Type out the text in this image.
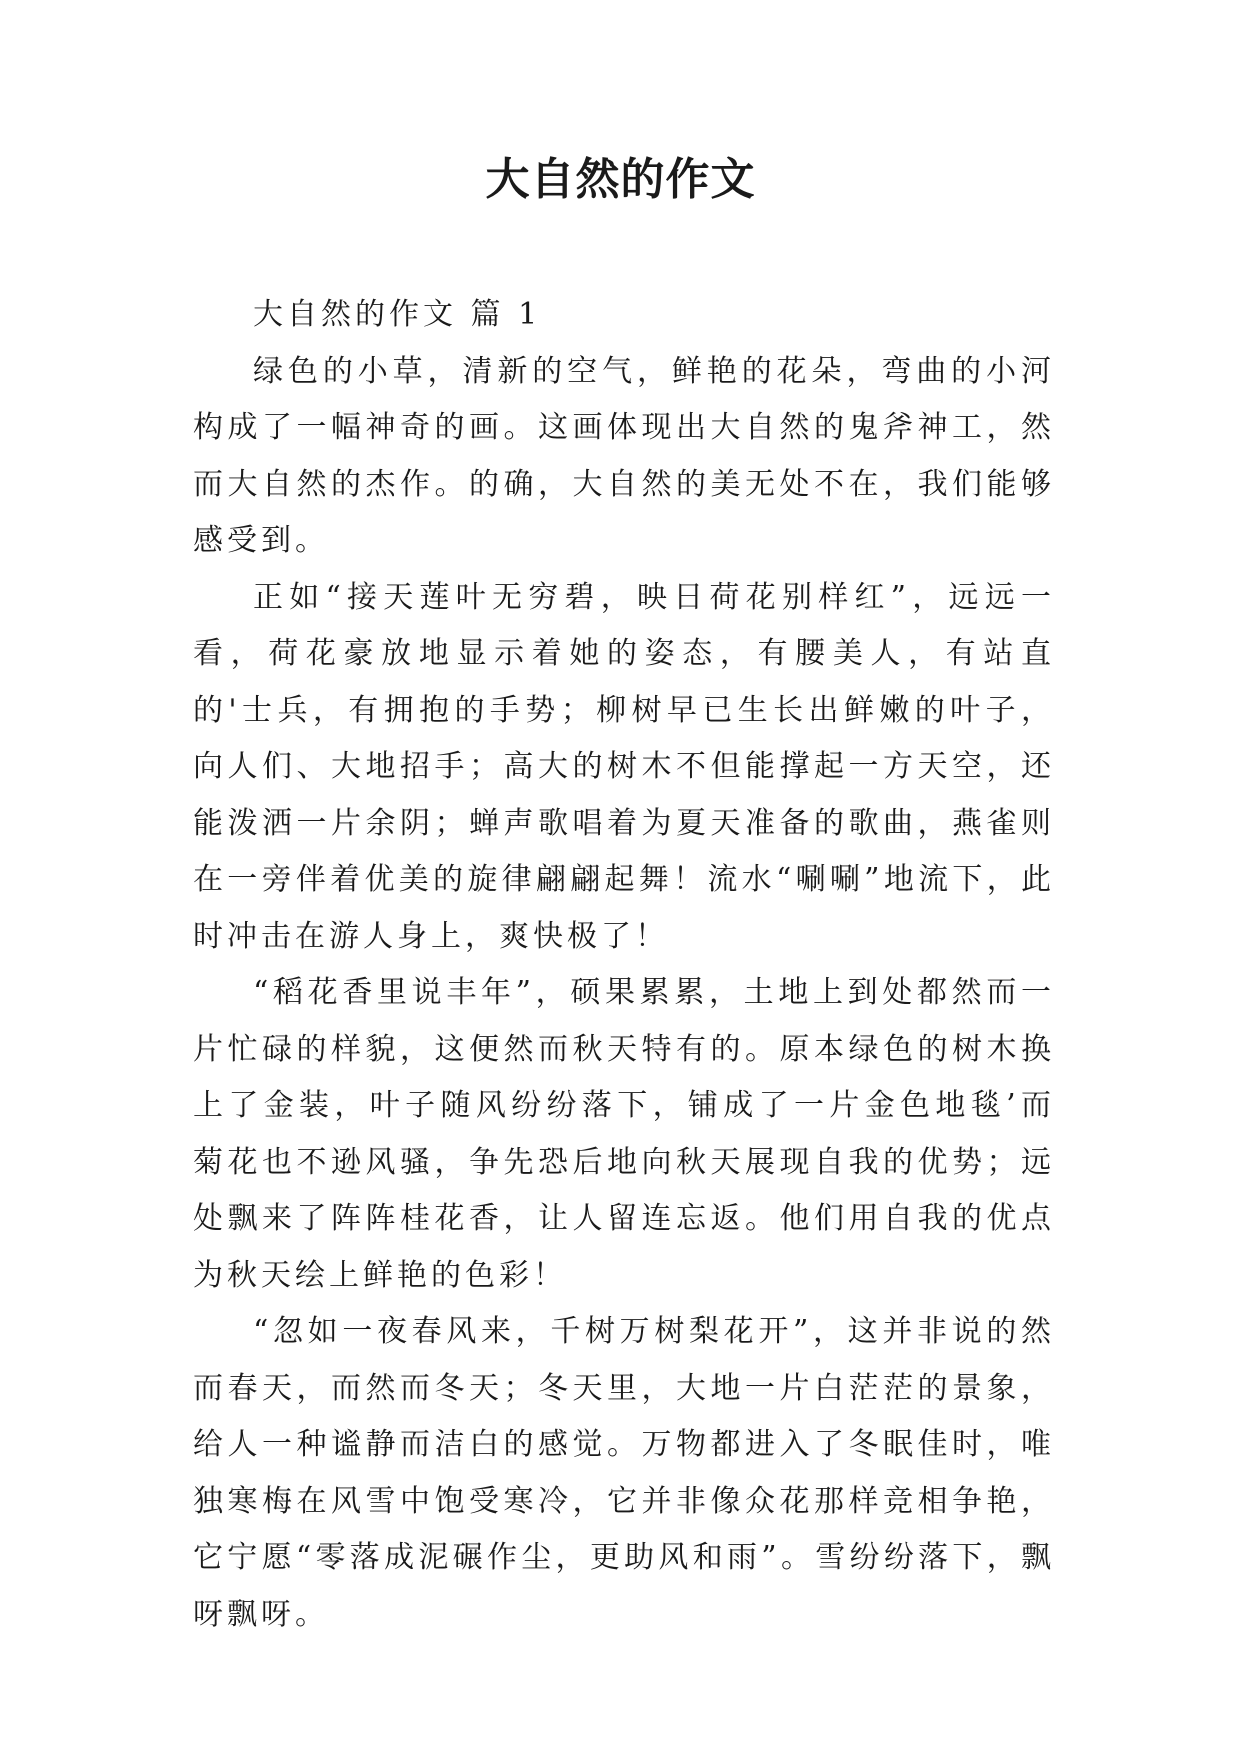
大自然的作文

大自然的作文 篇 1

绿色的小草，清新的空气，鲜艳的花朵，弯曲的小河构成了一幅神奇的画。这画体现出大自然的鬼斧神工，然而大自然的杰作。的确，大自然的美无处不在，我们能够感受到。

正如“接天莲叶无穷碧，映日荷花别样红”，远远一看，荷花豪放地显示着她的姿态，有腰美人，有站直的'士兵，有拥抱的手势；柳树早已生长出鲜嫩的叶子，向人们、大地招手；高大的树木不但能撑起一方天空，还能泼洒一片余阴；蝉声歌唱着为夏天准备的歌曲，燕雀则在一旁伴着优美的旋律翩翩起舞！流水“唰唰”地流下，此时冲击在游人身上，爽快极了！

“稻花香里说丰年”，硕果累累，土地上到处都然而一片忙碌的样貌，这便然而秋天特有的。原本绿色的树木换上了金装，叶子随风纷纷落下，铺成了一片金色地毯’而菊花也不逊风骚，争先恐后地向秋天展现自我的优势；远处飘来了阵阵桂花香，让人留连忘返。他们用自我的优点为秋天绘上鲜艳的色彩！

“忽如一夜春风来，千树万树梨花开”，这并非说的然而春天，而然而冬天；冬天里，大地一片白茫茫的景象，给人一种谧静而洁白的感觉。万物都进入了冬眠佳时，唯独寒梅在风雪中饱受寒冷，它并非像众花那样竞相争艳，它宁愿“零落成泥碾作尘，更助风和雨”。雪纷纷落下，飘呀飘呀。
